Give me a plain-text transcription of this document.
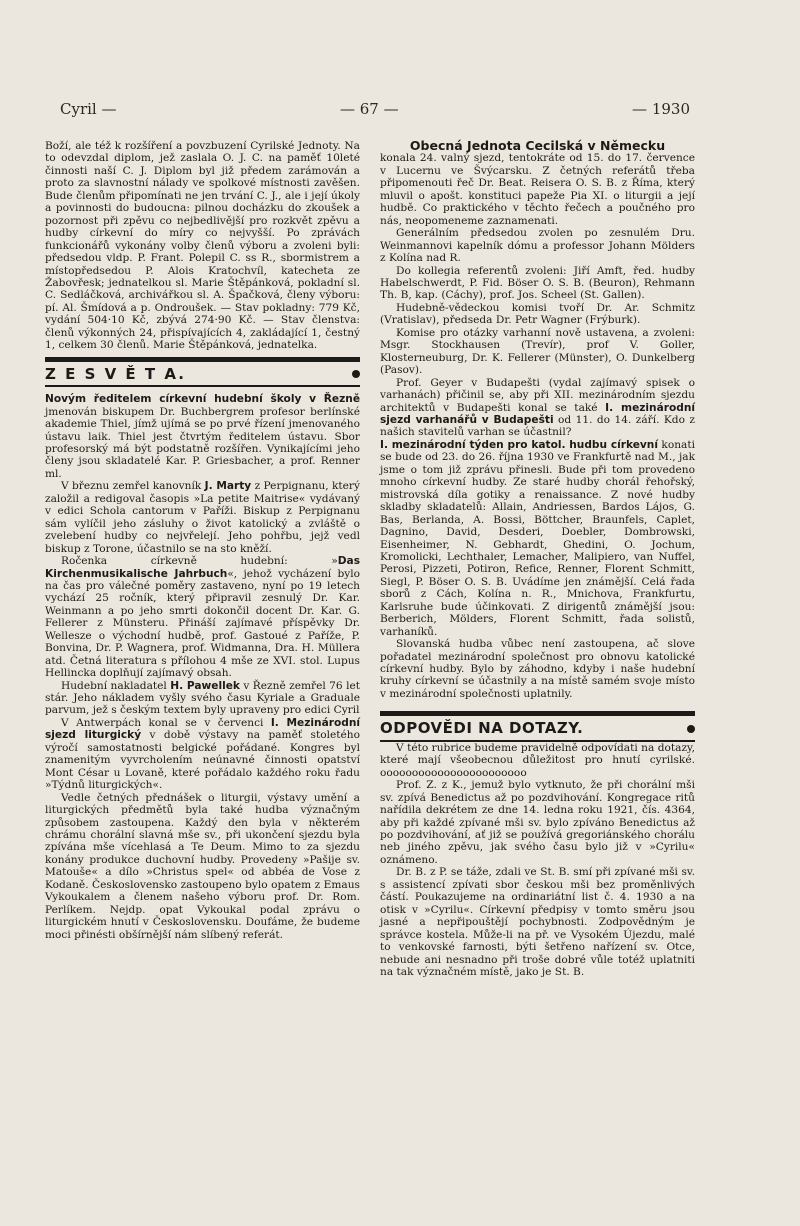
Cyril —	— 67 —	— 1930

Boží, ale též k rozšíření a povzbuzení Cyrilské Jednoty. Na to odevzdal diplom, jež zaslala O. J. C. na paměť 10leté činnosti naší C. J. Diplom byl již předem zarámován a proto za slavnostní nálady ve spolkové místnosti zavěšen. Bude členům připomínati ne jen trvání C. J., ale i její úkoly a povinnosti do budoucna: pilnou docházku do zkoušek a pozornost při zpěvu co nejbedlivější pro rozkvět zpěvu a hudby církevní do míry co nejvyšší. Po zprávách funkcionářů vykonány volby členů výboru a zvoleni byli: předsedou vldp. P. Frant. Polepil C. ss R., sbormistrem a místopředsedou P. Alois Kratochvíl, katecheta ze Žabovřesk; jednatelkou sl. Marie Štěpánková, pokladní sl. C. Sedláčková, archivářkou sl. A. Špačková, členy výboru: pí. Al. Šmídová a p. Ondroušek. — Stav pokladny: 779 Kč, vydání 504·10 Kč, zbývá 274·90 Kč. — Stav členstva: členů výkonných 24, přispívajících 4, zakládající 1, čestný 1, celkem 30 členů. Marie Štěpánková, jednatelka.

Z E S V Ě T A.

Novým ředitelem církevní hudební školy v Řezně jmenován biskupem Dr. Buchbergrem profesor berlínské akademie Thiel, jímž ujímá se po prvé řízení jmenovaného ústavu laik. Thiel jest čtvrtým ředitelem ústavu. Sbor profesorský má být podstatně rozšířen. Vynikajícími jeho členy jsou skladatelé Kar. P. Griesbacher, a prof. Renner ml.

V březnu zemřel kanovník J. Marty z Perpignanu, který založil a redigoval časopis »La petite Maitrise« vydávaný v edici Schola cantorum v Paříži. Biskup z Perpignanu sám vylíčil jeho zásluhy o život katolický a zvláště o zvelebení hudby co nejvřelejí. Jeho pohřbu, jejž vedl biskup z Torone, účastnilo se na sto kněží.

Ročenka církevně hudební: »Das Kirchenmusikalische Jahrbuch«, jehož vycházení bylo na čas pro válečné poměry zastaveno, nyní po 19 letech vychází 25 ročník, který připravil zesnulý Dr. Kar. Weinmann a po jeho smrti dokončil docent Dr. Kar. G. Fellerer z Münsteru. Přináší zajímavé příspěvky Dr. Wellesze o východní hudbě, prof. Gastoué z Paříže, P. Bonvina, Dr. P. Wagnera, prof. Widmanna, Dra. H. Müllera atd. Četná literatura s přílohou 4 mše ze XVI. stol. Lupus Hellincka doplňují zajímavý obsah.

Hudební nakladatel H. Pawellek v Řezně zemřel 76 let stár. Jeho nákladem vyšly svého času Kyriale a Graduale parvum, jež s českým textem byly upraveny pro edici Cyril

V Antwerpách konal se v červenci I. Mezinárodní sjezd liturgický v době výstavy na paměť stoletého výročí samostatnosti belgické pořádané. Kongres byl znamenitým vyvrcholením neúnavné činnosti opatství Mont César u Lovaně, které pořádalo každého roku řadu »Týdnů liturgických«.

Vedle četných přednášek o liturgii, výstavy umění a liturgických předmětů byla také hudba význačným způsobem zastoupena. Každý den byla v některém chrámu chorální slavná mše sv., při ukončení sjezdu byla zpívána mše vícehlasá a Te Deum. Mimo to za sjezdu konány produkce duchovní hudby. Provedeny »Pašije sv. Matouše« a dílo »Christus spel« od abbéa de Vose z Kodaně. Československo zastoupeno bylo opatem z Emaus Vykoukalem a členem našeho výboru prof. Dr. Rom. Perlíkem. Nejdp. opat Vykoukal podal zprávu o liturgickém hnutí v Československu. Doufáme, že budeme moci přinésti obšírnější nám slíbený referát.

Obecná Jednota Cecilská v Německu

konala 24. valný sjezd, tentokráte od 15. do 17. července v Lucernu ve Švýcarsku. Z četných referátů třeba připomenouti řeč Dr. Beat. Reisera O. S. B. z Říma, který mluvil o apošt. konstituci papeže Pia XI. o liturgii a její hudbě. Co praktického v těchto řečech a poučného pro nás, neopomeneme zaznamenati.

Generálním předsedou zvolen po zesnulém Dru. Weinmannovi kapelník dómu a professor Johann Mölders z Kolína nad R.

Do kollegia referentů zvoleni: Jiří Amft, řed. hudby Habelschwerdt, P. Fid. Böser O. S. B. (Beuron), Rehmann Th. B, kap. (Cáchy), prof. Jos. Scheel (St. Gallen).

Hudebně-vědeckou komisi tvoří Dr. Ar. Schmitz (Vratislav), předseda Dr. Petr Wagner (Frýburk).

Komise pro otázky varhanní nově ustavena, a zvoleni: Msgr. Stockhausen (Trevír), prof V. Goller, Klosterneuburg, Dr. K. Fellerer (Münster), O. Dunkelberg (Pasov).

Prof. Geyer v Budapešti (vydal zajímavý spisek o varhanách) přičinil se, aby při XII. mezinárodním sjezdu architektů v Budapešti konal se také I. mezinárodní sjezd varhanářů v Budapešti od 11. do 14. září. Kdo z našich stavitelů varhan se účastnil?

I. mezinárodní týden pro katol. hudbu církevní konati se bude od 23. do 26. října 1930 ve Frankfurtě nad M., jak jsme o tom již zprávu přinesli. Bude při tom provedeno mnoho církevní hudby. Ze staré hudby chorál řehořský, mistrovská díla gotiky a renaissance. Z nové hudby skladby skladatelů: Allain, Andriessen, Bardos Lájos, G. Bas, Berlanda, A. Bossi, Böttcher, Braunfels, Caplet, Dagnino, David, Desderi, Doebler, Dombrowski, Eisenheimer, N. Gebhardt, Ghedini, O. Jochum, Kromolicki, Lechthaler, Lemacher, Malipiero, van Nuffel, Perosi, Pizzeti, Potiron, Refice, Renner, Florent Schmitt, Siegl, P. Böser O. S. B. Uvádíme jen známější. Celá řada sborů z Cách, Kolína n. R., Mnichova, Frankfurtu, Karlsruhe bude účinkovati. Z dirigentů známější jsou: Berberich, Mölders, Florent Schmitt, řada solistů, varhaníků.

Slovanská hudba vůbec není zastoupena, ač slove pořadatel mezinárodní společnost pro obnovu katolické církevní hudby. Bylo by záhodno, kdyby i naše hudební kruhy církevní se účastnily a na místě samém svoje místo v mezinárodní společnosti uplatnily.

ODPOVĚDI NA DOTAZY.

V této rubrice budeme pravidelně odpovídati na dotazy, které mají všeobecnou důležitost pro hnutí cyrilské. ooooooooooooooooooooooo

Prof. Z. z K., jemuž bylo vytknuto, že při chorální mši sv. zpívá Benedictus až po pozdvihování. Kongregace ritů nařídila dekrétem ze dne 14. ledna roku 1921, čís. 4364, aby při každé zpívané mši sv. bylo zpíváno Benedictus až po pozdvihování, ať již se používá gregoriánského chorálu neb jiného zpěvu, jak svého času bylo již v »Cyrilu« oznámeno.

Dr. B. z P. se táže, zdali ve St. B. smí při zpívané mši sv. s assistencí zpívati sbor českou mši bez proměnlivých částí. Poukazujeme na ordinariátní list č. 4. 1930 a na otisk v »Cyrilu«. Církevní předpisy v tomto směru jsou jasné a nepřipouštějí pochybnosti. Zodpovědným je správce kostela. Může-li na př. ve Vysokém Újezdu, malé to venkovské farnosti, býti šetřeno nařízení sv. Otce, nebude ani nesnadno při troše dobré vůle totéž uplatniti na tak význačném místě, jako je St. B.
